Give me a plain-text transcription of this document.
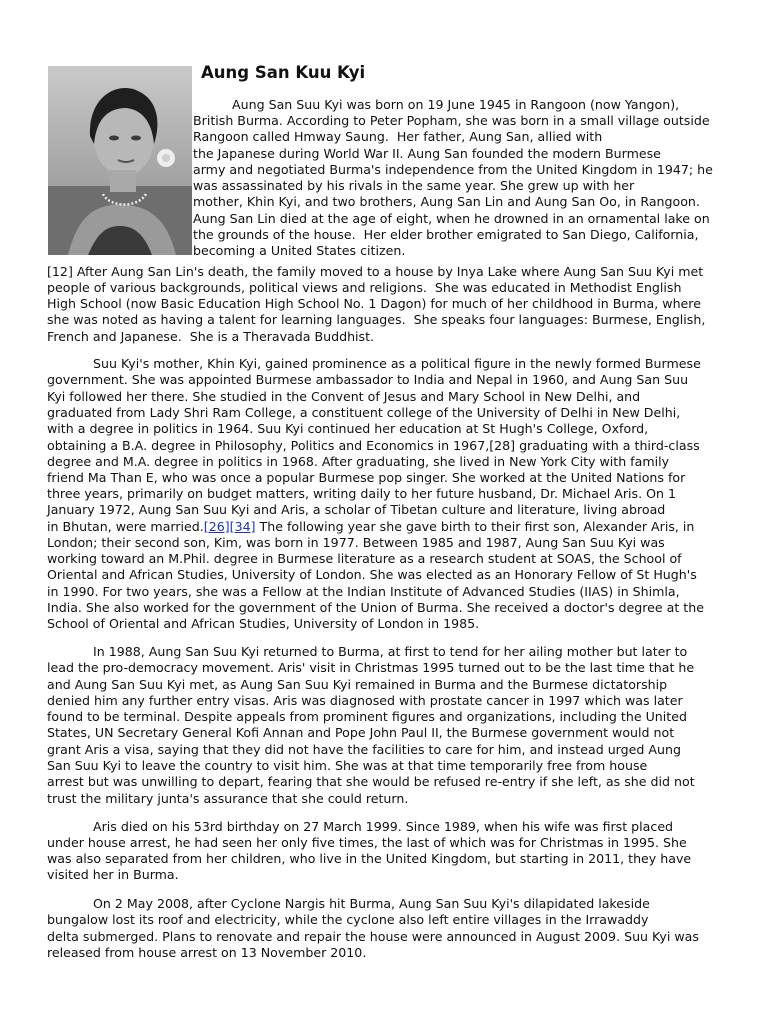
Aung San Kuu Kyi
Aung San Suu Kyi was born on 19 June 1945 in Rangoon (now Yangon),
British Burma. According to Peter Popham, she was born in a small village outside
Rangoon called Hmway Saung.  Her father, Aung San, allied with
the Japanese during World War II. Aung San founded the modern Burmese
army and negotiated Burma's independence from the United Kingdom in 1947; he
was assassinated by his rivals in the same year. She grew up with her
mother, Khin Kyi, and two brothers, Aung San Lin and Aung San Oo, in Rangoon.
Aung San Lin died at the age of eight, when he drowned in an ornamental lake on
the grounds of the house.  Her elder brother emigrated to San Diego, California,
becoming a United States citizen.
[12] After Aung San Lin's death, the family moved to a house by Inya Lake where Aung San Suu Kyi met
people of various backgrounds, political views and religions.  She was educated in Methodist English
High School (now Basic Education High School No. 1 Dagon) for much of her childhood in Burma, where
she was noted as having a talent for learning languages.  She speaks four languages: Burmese, English,
French and Japanese.  She is a Theravada Buddhist.
Suu Kyi's mother, Khin Kyi, gained prominence as a political figure in the newly formed Burmese
government. She was appointed Burmese ambassador to India and Nepal in 1960, and Aung San Suu
Kyi followed her there. She studied in the Convent of Jesus and Mary School in New Delhi, and
graduated from Lady Shri Ram College, a constituent college of the University of Delhi in New Delhi,
with a degree in politics in 1964. Suu Kyi continued her education at St Hugh's College, Oxford,
obtaining a B.A. degree in Philosophy, Politics and Economics in 1967,[28] graduating with a third-class
degree and M.A. degree in politics in 1968. After graduating, she lived in New York City with family
friend Ma Than E, who was once a popular Burmese pop singer. She worked at the United Nations for
three years, primarily on budget matters, writing daily to her future husband, Dr. Michael Aris. On 1
January 1972, Aung San Suu Kyi and Aris, a scholar of Tibetan culture and literature, living abroad
in Bhutan, were married.[26][34] The following year she gave birth to their first son, Alexander Aris, in
London; their second son, Kim, was born in 1977. Between 1985 and 1987, Aung San Suu Kyi was
working toward an M.Phil. degree in Burmese literature as a research student at SOAS, the School of
Oriental and African Studies, University of London. She was elected as an Honorary Fellow of St Hugh's
in 1990. For two years, she was a Fellow at the Indian Institute of Advanced Studies (IIAS) in Shimla,
India. She also worked for the government of the Union of Burma. She received a doctor's degree at the
School of Oriental and African Studies, University of London in 1985.
In 1988, Aung San Suu Kyi returned to Burma, at first to tend for her ailing mother but later to
lead the pro-democracy movement. Aris' visit in Christmas 1995 turned out to be the last time that he
and Aung San Suu Kyi met, as Aung San Suu Kyi remained in Burma and the Burmese dictatorship
denied him any further entry visas. Aris was diagnosed with prostate cancer in 1997 which was later
found to be terminal. Despite appeals from prominent figures and organizations, including the United
States, UN Secretary General Kofi Annan and Pope John Paul II, the Burmese government would not
grant Aris a visa, saying that they did not have the facilities to care for him, and instead urged Aung
San Suu Kyi to leave the country to visit him. She was at that time temporarily free from house
arrest but was unwilling to depart, fearing that she would be refused re-entry if she left, as she did not
trust the military junta's assurance that she could return.
Aris died on his 53rd birthday on 27 March 1999. Since 1989, when his wife was first placed
under house arrest, he had seen her only five times, the last of which was for Christmas in 1995. She
was also separated from her children, who live in the United Kingdom, but starting in 2011, they have
visited her in Burma.
On 2 May 2008, after Cyclone Nargis hit Burma, Aung San Suu Kyi's dilapidated lakeside
bungalow lost its roof and electricity, while the cyclone also left entire villages in the Irrawaddy
delta submerged. Plans to renovate and repair the house were announced in August 2009. Suu Kyi was
released from house arrest on 13 November 2010.
